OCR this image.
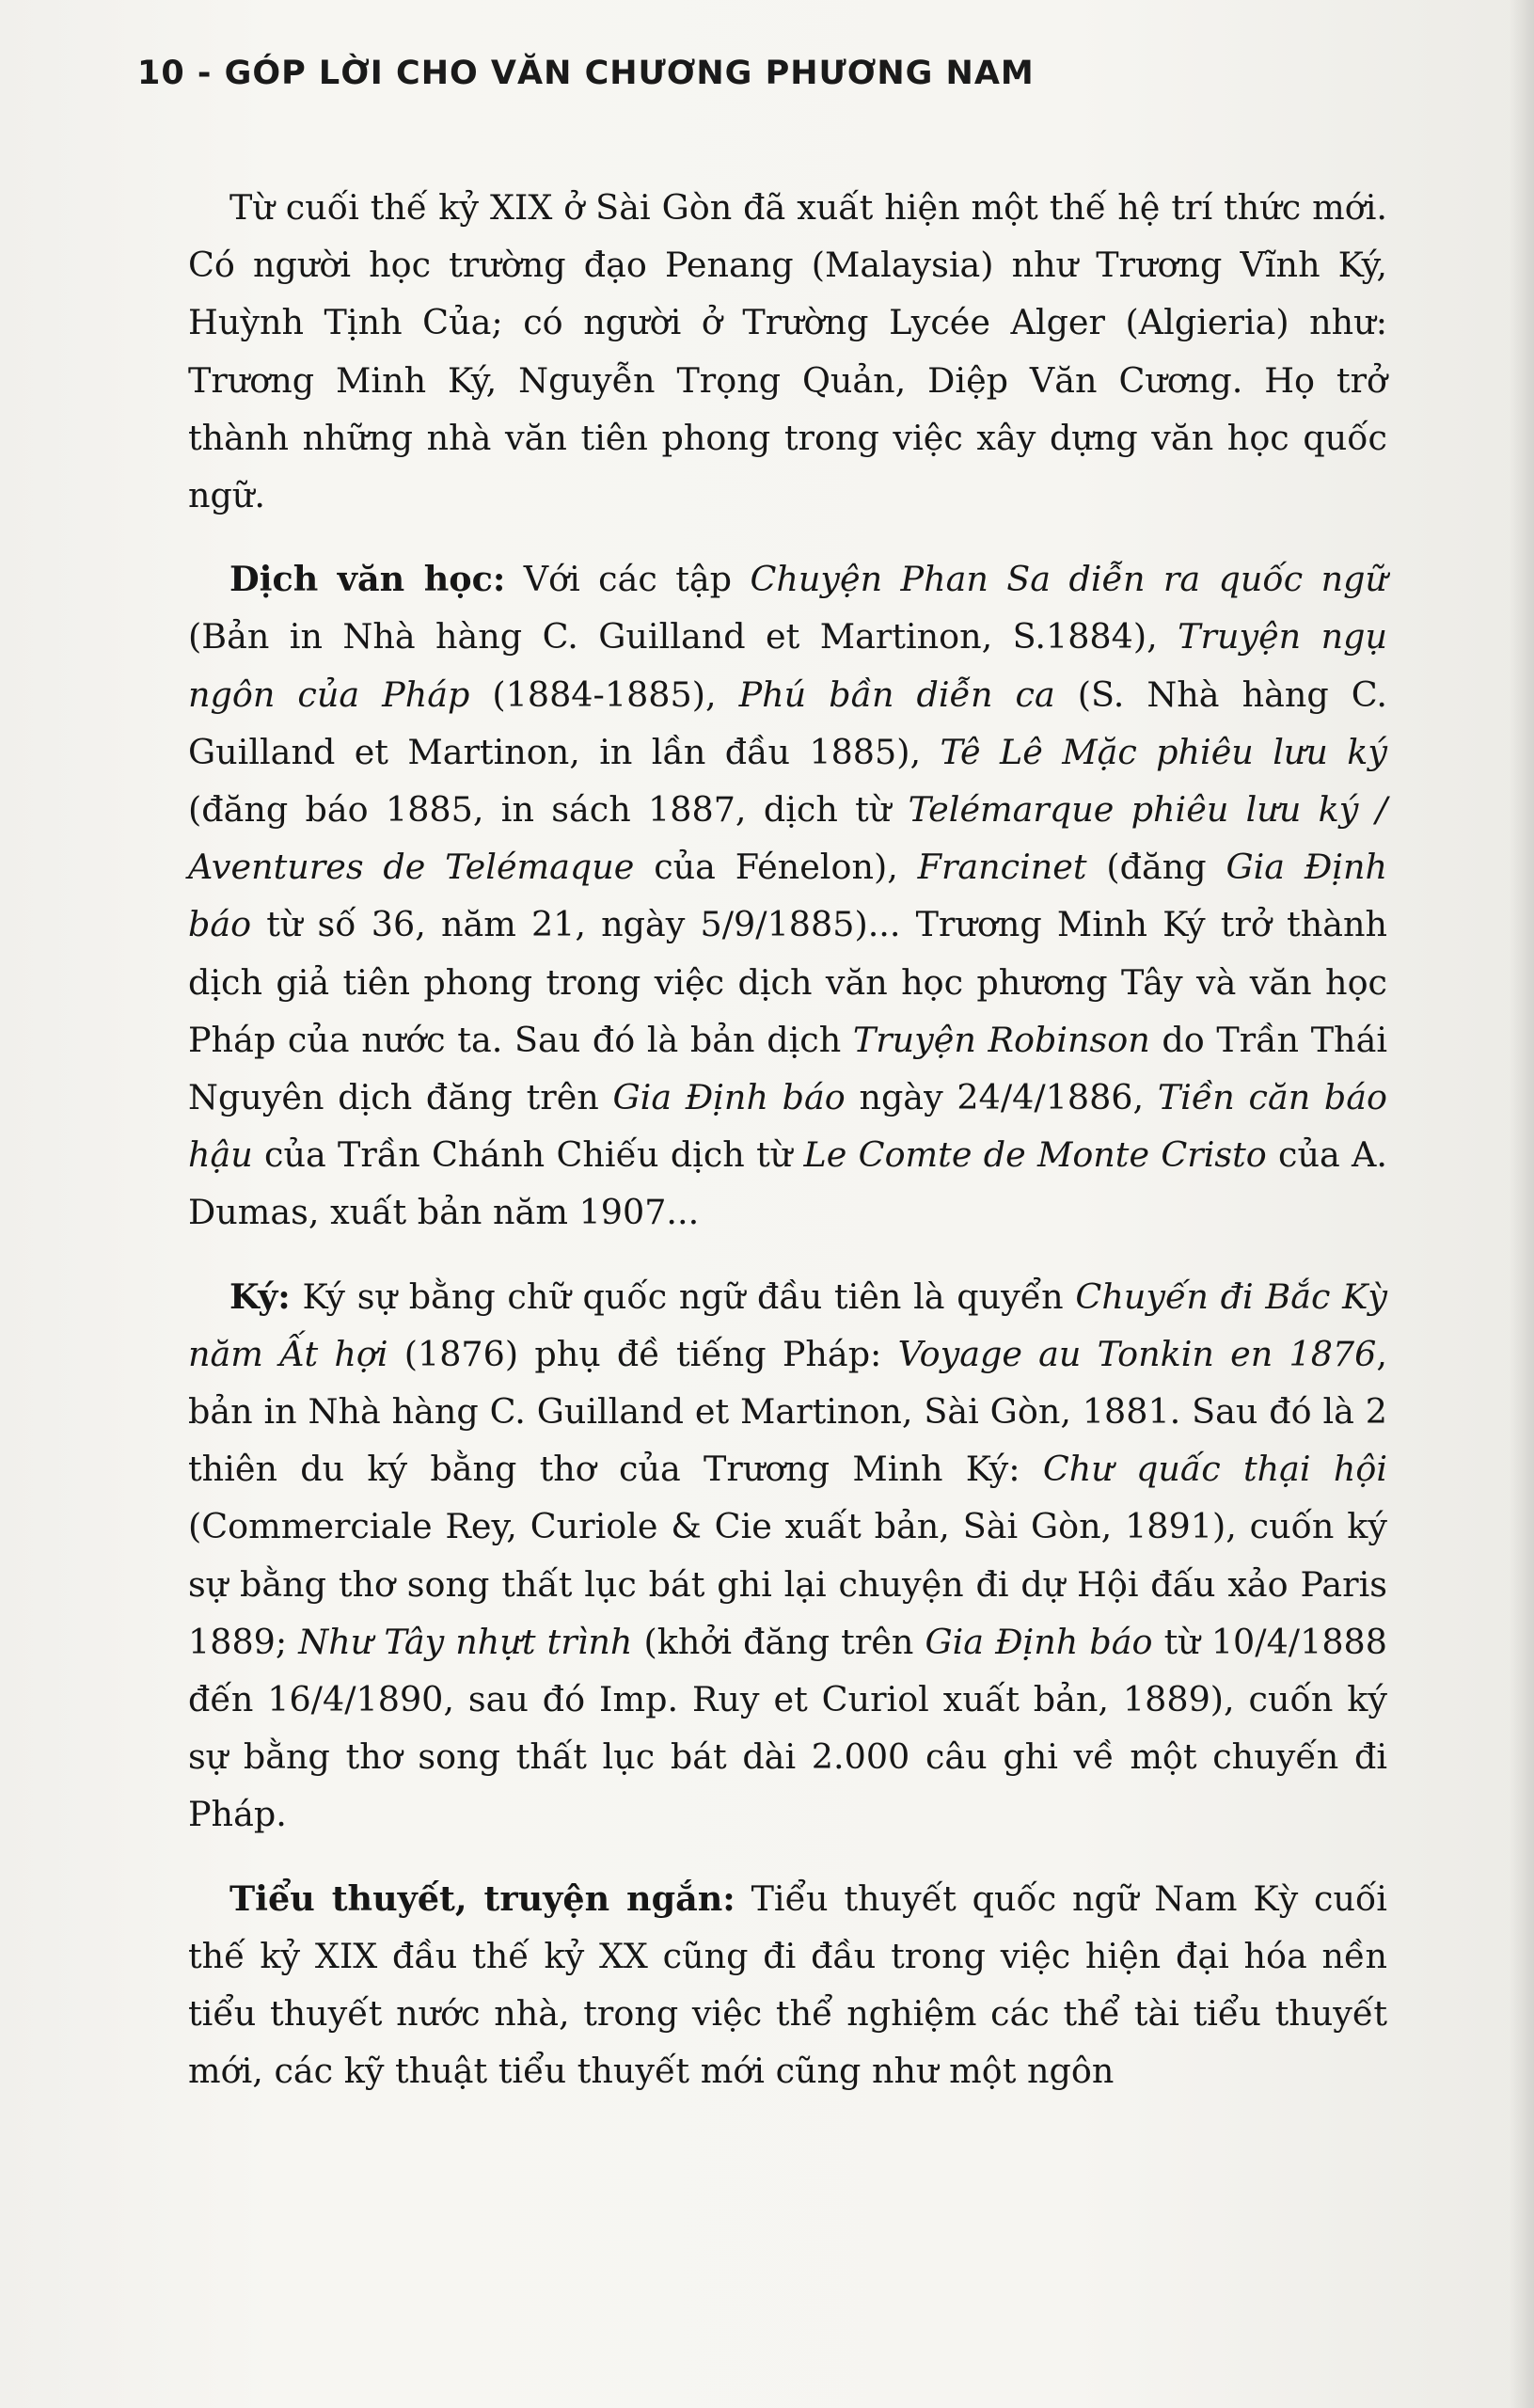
10 - GÓP LỜI CHO VĂN CHƯƠNG PHƯƠNG NAM

Từ cuối thế kỷ XIX ở Sài Gòn đã xuất hiện một thế hệ trí thức mới. Có người học trường đạo Penang (Malaysia) như Trương Vĩnh Ký, Huỳnh Tịnh Của; có người ở Trường Lycée Alger (Algieria) như: Trương Minh Ký, Nguyễn Trọng Quản, Diệp Văn Cương. Họ trở thành những nhà văn tiên phong trong việc xây dựng văn học quốc ngữ.

Dịch văn học: Với các tập Chuyện Phan Sa diễn ra quốc ngữ (Bản in Nhà hàng C. Guilland et Martinon, S.1884), Truyện ngụ ngôn của Pháp (1884-1885), Phú bần diễn ca (S. Nhà hàng C. Guilland et Martinon, in lần đầu 1885), Tê Lê Mặc phiêu lưu ký (đăng báo 1885, in sách 1887, dịch từ Telémarque phiêu lưu ký / Aventures de Telémaque của Fénelon), Francinet (đăng Gia Định báo từ số 36, năm 21, ngày 5/9/1885)... Trương Minh Ký trở thành dịch giả tiên phong trong việc dịch văn học phương Tây và văn học Pháp của nước ta. Sau đó là bản dịch Truyện Robinson do Trần Thái Nguyên dịch đăng trên Gia Định báo ngày 24/4/1886, Tiền căn báo hậu của Trần Chánh Chiếu dịch từ Le Comte de Monte Cristo của A. Dumas, xuất bản năm 1907...

Ký: Ký sự bằng chữ quốc ngữ đầu tiên là quyển Chuyến đi Bắc Kỳ năm Ất hợi (1876) phụ đề tiếng Pháp: Voyage au Tonkin en 1876, bản in Nhà hàng C. Guilland et Martinon, Sài Gòn, 1881. Sau đó là 2 thiên du ký bằng thơ của Trương Minh Ký: Chư quấc thại hội (Commerciale Rey, Curiole & Cie xuất bản, Sài Gòn, 1891), cuốn ký sự bằng thơ song thất lục bát ghi lại chuyện đi dự Hội đấu xảo Paris 1889; Như Tây nhựt trình (khởi đăng trên Gia Định báo từ 10/4/1888 đến 16/4/1890, sau đó Imp. Ruy et Curiol xuất bản, 1889), cuốn ký sự bằng thơ song thất lục bát dài 2.000 câu ghi về một chuyến đi Pháp.

Tiểu thuyết, truyện ngắn: Tiểu thuyết quốc ngữ Nam Kỳ cuối thế kỷ XIX đầu thế kỷ XX cũng đi đầu trong việc hiện đại hóa nền tiểu thuyết nước nhà, trong việc thể nghiệm các thể tài tiểu thuyết mới, các kỹ thuật tiểu thuyết mới cũng như một ngôn
